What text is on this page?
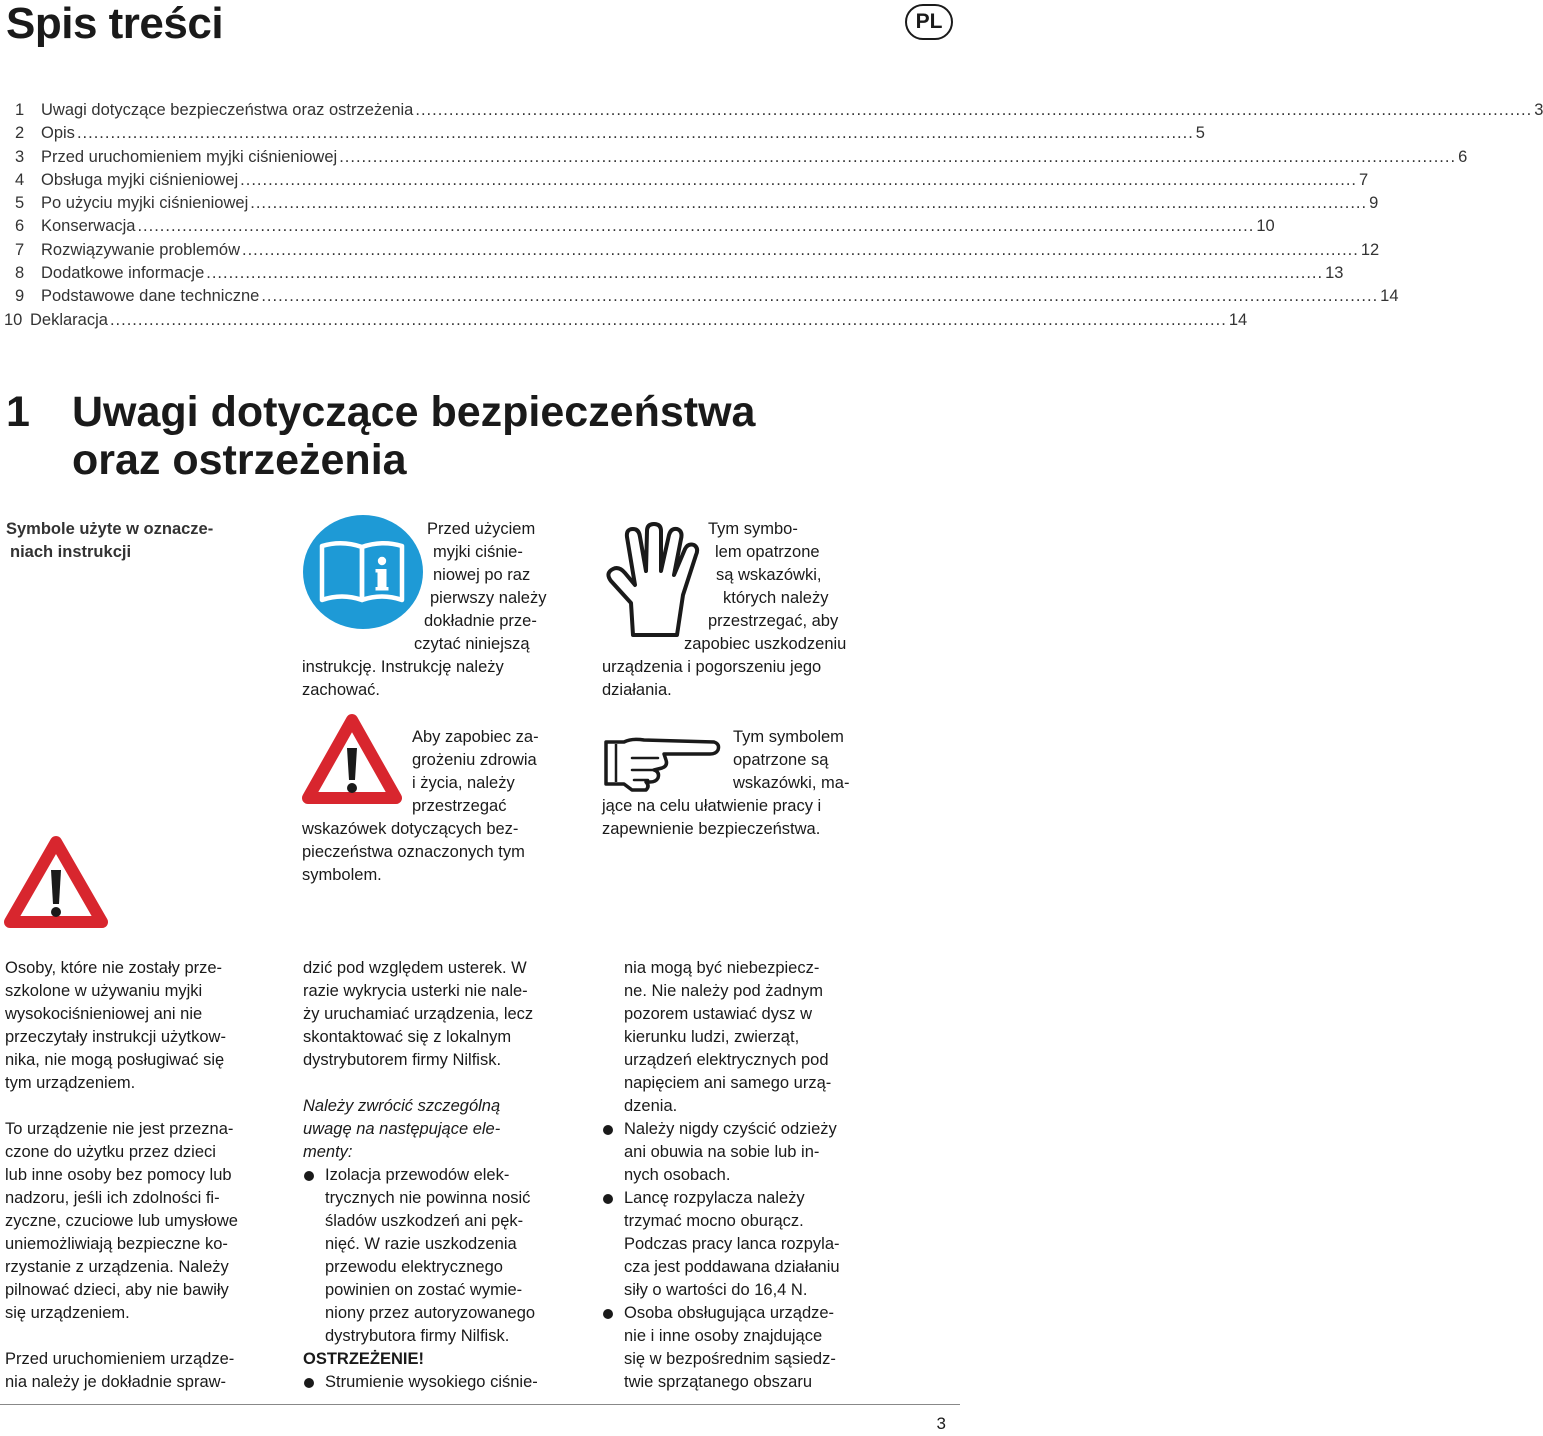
Spis treści	PL
1	Uwagi dotyczące bezpieczeństwa oraz ostrzeżenia ........................................................................................................................................................................................................ 3
2	Opis ........................................................................................................................................................................................................ 5
3	Przed uruchomieniem myjki ciśnieniowej ........................................................................................................................................................................................................ 6
4	Obsługa myjki ciśnieniowej ........................................................................................................................................................................................................ 7
5	Po użyciu myjki ciśnieniowej ........................................................................................................................................................................................................ 9
6	Konserwacja ........................................................................................................................................................................................................ 10
7	Rozwiązywanie problemów ........................................................................................................................................................................................................ 12
8	Dodatkowe informacje ........................................................................................................................................................................................................ 13
9	Podstawowe dane techniczne ........................................................................................................................................................................................................ 14
10 Deklaracja ........................................................................................................................................................................................................ 14
1 Uwagi dotyczące bezpieczeństwa
oraz ostrzeżenia
Symbole użyte w oznacze-
niach instrukcji
Przed użyciem
myjki ciśnie-
niowej po raz
pierwszy należy
dokładnie prze-
czytać niniejszą
instrukcję. Instrukcję należy
zachować.
Tym symbo-
lem opatrzone
są wskazówki,
których należy
przestrzegać, aby
zapobiec uszkodzeniu
urządzenia i pogorszeniu jego
działania.
Aby zapobiec za-
grożeniu zdrowia
i życia, należy
przestrzegać
wskazówek dotyczących bez-
pieczeństwa oznaczonych tym
symbolem.
Tym symbolem
opatrzone są
wskazówki, ma-
jące na celu ułatwienie pracy i
zapewnienie bezpieczeństwa.

Osoby, które nie zostały prze-
szkolone w używaniu myjki
wysokociśnieniowej ani nie
przeczytały instrukcji użytkow-
nika, nie mogą posługiwać się
tym urządzeniem.

To urządzenie nie jest przezna-
czone do użytku przez dzieci
lub inne osoby bez pomocy lub
nadzoru, jeśli ich zdolności fi-
zyczne, czuciowe lub umysłowe
uniemożliwiają bezpieczne ko-
rzystanie z urządzenia. Należy
pilnować dzieci, aby nie bawiły
się urządzeniem.

Przed uruchomieniem urządze-
nia należy je dokładnie spraw-

dzić pod względem usterek. W
razie wykrycia usterki nie nale-
ży uruchamiać urządzenia, lecz
skontaktować się z lokalnym
dystrybutorem firmy Nilfisk.

Należy zwrócić szczególną
uwagę na następujące ele-
menty:

Izolacja przewodów elek-
trycznych nie powinna nosić
śladów uszkodzeń ani pęk-
nięć. W razie uszkodzenia
przewodu elektrycznego
powinien on zostać wymie-
niony przez autoryzowanego
dystrybutora firmy Nilfisk.

OSTRZEŻENIE!

Strumienie wysokiego ciśnie-

nia mogą być niebezpiecz-
ne. Nie należy pod żadnym
pozorem ustawiać dysz w
kierunku ludzi, zwierząt,
urządzeń elektrycznych pod
napięciem ani samego urzą-
dzenia.

Należy nigdy czyścić odzieży
ani obuwia na sobie lub in-
nych osobach.

Lancę rozpylacza należy
trzymać mocno oburącz.
Podczas pracy lanca rozpyla-
cza jest poddawana działaniu
siły o wartości do 16,4 N.

Osoba obsługująca urządze-
nie i inne osoby znajdujące
się w bezpośrednim sąsiedz-
twie sprzątanego obszaru

3
